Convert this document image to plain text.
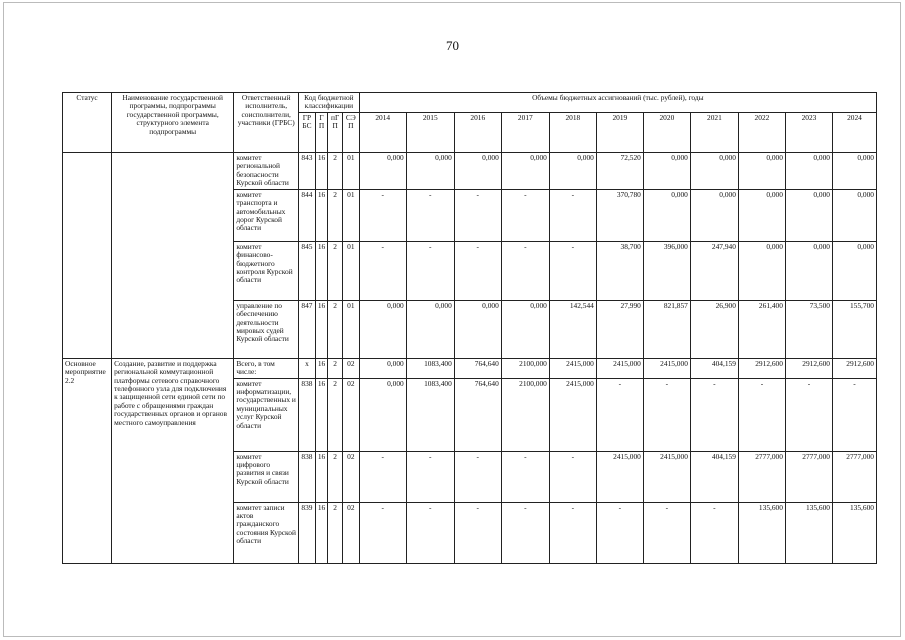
70
Статус	Наименование государственной программы, подпрограммы государственной программы, структурного элемента подпрограммы	Ответственный исполнитель, соисполнители, участники (ГРБС)	Код бюджетной классификации				Объемы бюджетных ассигнований (тыс. рублей), годы										
			ГРБС	ГП	пГП	СЭП	2014	2015	2016	2017	2018	2019	2020	2021	2022	2023	2024
		комитет региональной безопасности Курской области	843	16	2	01	0,000	0,000	0,000	0,000	0,000	72,520	0,000	0,000	0,000	0,000	0,000
		комитет транспорта и автомобильных дорог Курской области	844	16	2	01	-	-	-	-	-	370,780	0,000	0,000	0,000	0,000	0,000
		комитет финансово-бюджетного контроля Курской области	845	16	2	01	-	-	-	-	-	38,700	396,000	247,940	0,000	0,000	0,000
		управление по обеспечению деятельности мировых судей Курской области	847	16	2	01	0,000	0,000	0,000	0,000	142,544	27,990	821,857	26,900	261,400	73,500	155,700
Основное мероприятие 2.2	Создание, развитие и поддержка региональной коммутационной платформы сетевого справочного телефонного узла для подключения к защищенной сети единой сети по работе с обращениями граждан государственных органов и органов местного самоуправления	Всего, в том числе:	х	16	2	02	0,000	1083,400	764,640	2100,000	2415,000	2415,000	2415,000	404,159	2912,600	2912,600	2912,600
		комитет информатизации, государственных и муниципальных услуг Курской области	838	16	2	02	0,000	1083,400	764,640	2100,000	2415,000	-	-	-	-	-	-
		комитет цифрового развития и связи Курской области	838	16	2	02	-	-	-	-	-	2415,000	2415,000	404,159	2777,000	2777,000	2777,000
		комитет записи актов гражданского состояния Курской области	839	16	2	02	-	-	-	-	-	-	-	-	135,600	135,600	135,600
